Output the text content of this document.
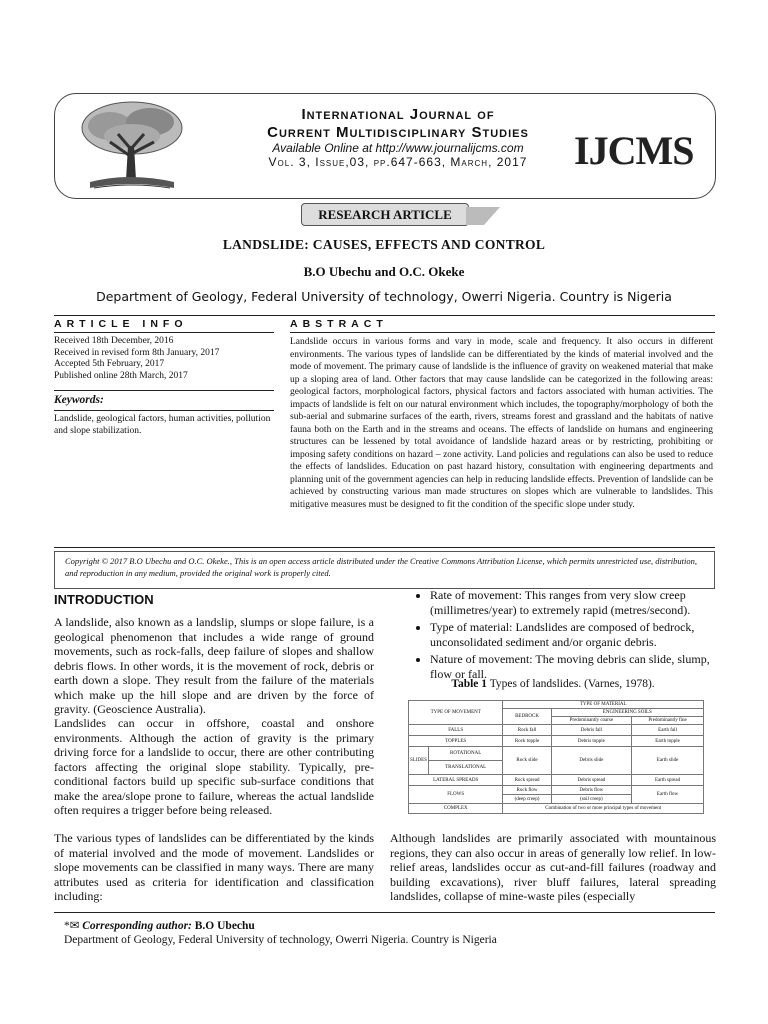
International Journal of
Current Multidisciplinary Studies
Available Online at http://www.journalijcms.com
Vol. 3, Issue,03, pp.647-663, March, 2017	IJCMS
RESEARCH ARTICLE
LANDSLIDE: CAUSES, EFFECTS AND CONTROL
B.O Ubechu and O.C. Okeke
Department of Geology, Federal University of technology, Owerri Nigeria. Country is Nigeria
ARTICLE INFO	ABSTRACT
Received 18th December, 2016
Received in revised form 8th January, 2017
Accepted 5th February, 2017
Published online 28th March, 2017
Keywords:
Landslide, geological factors, human activities, pollution and slope stabilization.
Landslide occurs in various forms and vary in mode, scale and frequency. It also occurs in different environments. The various types of landslide can be differentiated by the kinds of material involved and the mode of movement. The primary cause of landslide is the influence of gravity on weakened material that make up a sloping area of land. Other factors that may cause landslide can be categorized in the following areas: geological factors, morphological factors, physical factors and factors associated with human activities. The impacts of landslide is felt on our natural environment which includes, the topography/morphology of both the sub-aerial and submarine surfaces of the earth, rivers, streams forest and grassland and the habitats of native fauna both on the Earth and in the streams and oceans. The effects of landslide on humans and engineering structures can be lessened by total avoidance of landslide hazard areas or by restricting, prohibiting or imposing safety conditions on hazard – zone activity. Land policies and regulations can also be used to reduce the effects of landslides. Education on past hazard history, consultation with engineering departments and planning unit of the government agencies can help in reducing landslide effects. Prevention of landslide can be achieved by constructing various man made structures on slopes which are vulnerable to landslides. This mitigative measures must be designed to fit the condition of the specific slope under study.
Copyright © 2017 B.O Ubechu and O.C. Okeke., This is an open access article distributed under the Creative Commons Attribution License, which permits unrestricted use, distribution, and reproduction in any medium, provided the original work is properly cited.
INTRODUCTION
A landslide, also known as a landslip, slumps or slope failure, is a geological phenomenon that includes a wide range of ground movements, such as rock-falls, deep failure of slopes and shallow debris flows. In other words, it is the movement of rock, debris or earth down a slope. They result from the failure of the materials which make up the hill slope and are driven by the force of gravity. (Geoscience Australia).
Landslides can occur in offshore, coastal and onshore environments. Although the action of gravity is the primary driving force for a landslide to occur, there are other contributing factors affecting the original slope stability. Typically, pre-conditional factors build up specific sub-surface conditions that make the area/slope prone to failure, whereas the actual landslide often requires a trigger before being released.
The various types of landslides can be differentiated by the kinds of material involved and the mode of movement. Landslides or slope movements can be classified in many ways. There are many attributes used as criteria for identification and classification including:
• Rate of movement: This ranges from very slow creep (millimetres/year) to extremely rapid (metres/second).
• Type of material: Landslides are composed of bedrock, unconsolidated sediment and/or organic debris.
• Nature of movement: The moving debris can slide, slump, flow or fall.
Table 1 Types of landslides. (Varnes, 1978).
TYPE OF MOVEMENT		TYPE OF MATERIAL		
		BEDROCK	ENGINEERING SOILS	
			Predominantly coarse	Predominantly fine
FALLS		Rock fall	Debris fall	Earth fall
TOPPLES		Rock topple	Debris topple	Earth topple
SLIDES	ROTATIONAL	Rock slide	Debris slide	Earth slide
	TRANSLATIONAL			
LATERAL SPREADS		Rock spread	Debris spread	Earth spread
FLOWS		Rock flow	Debris flow	Earth flow
		(deep creep)	(soil creep)	
COMPLEX		Combination of two or more principal types of movement		
Although landslides are primarily associated with mountainous regions, they can also occur in areas of generally low relief. In low-relief areas, landslides occur as cut-and-fill failures (roadway and building excavations), river bluff failures, lateral spreading landslides, collapse of mine-waste piles (especially
*✉ Corresponding author: B.O Ubechu
Department of Geology, Federal University of technology, Owerri Nigeria. Country is Nigeria
